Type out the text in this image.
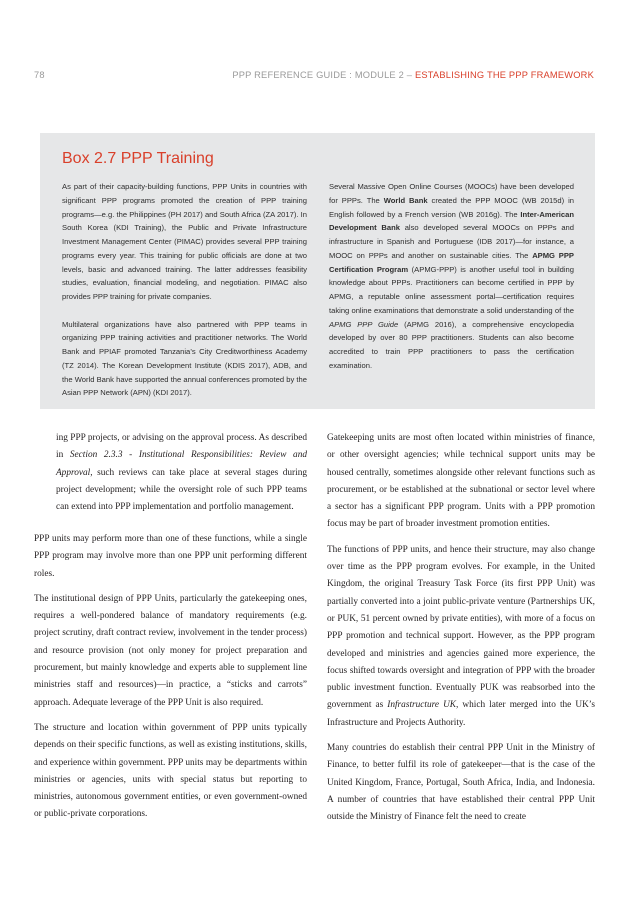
78	PPP REFERENCE GUIDE : MODULE 2 – ESTABLISHING THE PPP FRAMEWORK
Box 2.7 PPP Training

As part of their capacity-building functions, PPP Units in countries with significant PPP programs promoted the creation of PPP training programs—e.g. the Philippines (PH 2017) and South Africa (ZA 2017). In South Korea (KDI Training), the Public and Private Infrastructure Investment Management Center (PIMAC) provides several PPP training programs every year. This training for public officials are done at two levels, basic and advanced training. The latter addresses feasibility studies, evaluation, financial modeling, and negotiation. PIMAC also provides PPP training for private companies.

Multilateral organizations have also partnered with PPP teams in organizing PPP training activities and practitioner networks. The World Bank and PPIAF promoted Tanzania’s City Creditworthiness Academy (TZ 2014). The Korean Development Institute (KDIS 2017), ADB, and the World Bank have supported the annual conferences promoted by the Asian PPP Network (APN) (KDI 2017).

Several Massive Open Online Courses (MOOCs) have been developed for PPPs. The World Bank created the PPP MOOC (WB 2015d) in English followed by a French version (WB 2016g). The Inter-American Development Bank also developed several MOOCs on PPPs and infrastructure in Spanish and Portuguese (IDB 2017)—for instance, a MOOC on PPPs and another on sustainable cities. The APMG PPP Certification Program (APMG-PPP) is another useful tool in building knowledge about PPPs. Practitioners can become certified in PPP by APMG, a reputable online assessment portal—certification requires taking online examinations that demonstrate a solid understanding of the APMG PPP Guide (APMG 2016), a comprehensive encyclopedia developed by over 80 PPP practitioners. Students can also become accredited to train PPP practitioners to pass the certification examination.

ing PPP projects, or advising on the approval process. As described in Section 2.3.3 - Institutional Responsibilities: Review and Approval, such reviews can take place at several stages during project development; while the oversight role of such PPP teams can extend into PPP implementation and portfolio management.

PPP units may perform more than one of these functions, while a single PPP program may involve more than one PPP unit performing different roles.

The institutional design of PPP Units, particularly the gatekeeping ones, requires a well-pondered balance of mandatory requirements (e.g. project scrutiny, draft contract review, involvement in the tender process) and resource provision (not only money for project preparation and procurement, but mainly knowledge and experts able to supplement line ministries staff and resources)—in practice, a “sticks and carrots” approach. Adequate leverage of the PPP Unit is also required.

The structure and location within government of PPP units typically depends on their specific functions, as well as existing institutions, skills, and experience within government. PPP units may be departments within ministries or agencies, units with special status but reporting to ministries, autonomous government entities, or even government-owned or public-private corporations.

Gatekeeping units are most often located within ministries of finance, or other oversight agencies; while technical support units may be housed centrally, sometimes alongside other relevant functions such as procurement, or be established at the subnational or sector level where a sector has a significant PPP program. Units with a PPP promotion focus may be part of broader investment promotion entities.

The functions of PPP units, and hence their structure, may also change over time as the PPP program evolves. For example, in the United Kingdom, the original Treasury Task Force (its first PPP Unit) was partially converted into a joint public-private venture (Partnerships UK, or PUK, 51 percent owned by private entities), with more of a focus on PPP promotion and technical support. However, as the PPP program developed and ministries and agencies gained more experience, the focus shifted towards oversight and integration of PPP with the broader public investment function. Eventually PUK was reabsorbed into the government as Infrastructure UK, which later merged into the UK’s Infrastructure and Projects Authority.

Many countries do establish their central PPP Unit in the Ministry of Finance, to better fulfil its role of gatekeeper—that is the case of the United Kingdom, France, Portugal, South Africa, India, and Indonesia. A number of countries that have established their central PPP Unit outside the Ministry of Finance felt the need to create
